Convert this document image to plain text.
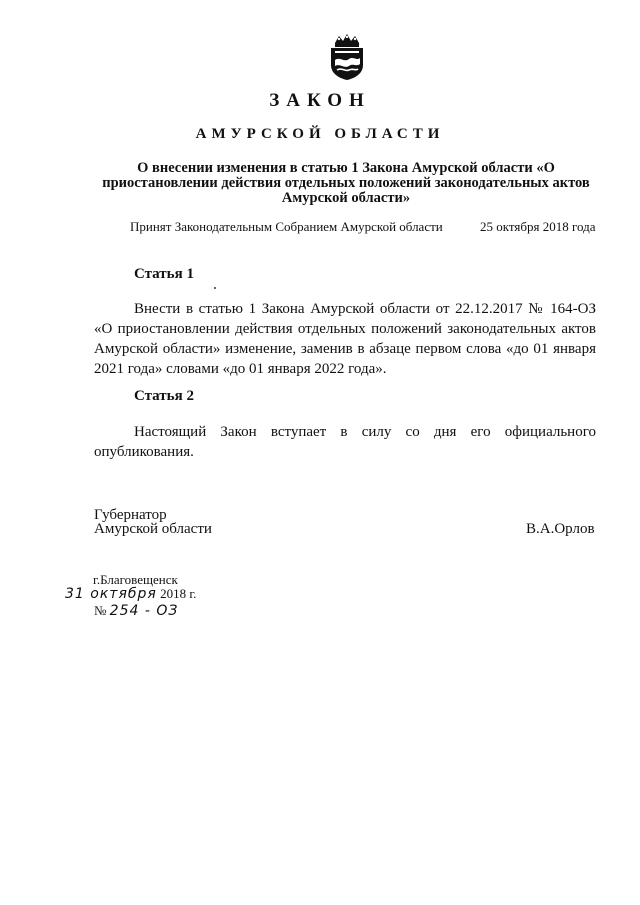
ЗАКОН
АМУРСКОЙ ОБЛАСТИ
О внесении изменения в статью 1 Закона Амурской области «О приостановлении действия отдельных положений законодательных актов Амурской области»
Принят Законодательным Собранием Амурской области	25 октября 2018 года
Статья 1
Внести в статью 1 Закона Амурской области от 22.12.2017 № 164-ОЗ «О приостановлении действия отдельных положений законодательных актов Амурской области» изменение, заменив в абзаце первом слова «до 01 января 2021 года» словами «до 01 января 2022 года».
Статья 2
Настоящий Закон вступает в силу со дня его официального опубликования.
Губернатор
Амурской области	В.А.Орлов
г.Благовещенск
31 октября 2018 г.
№ 254 - ОЗ
